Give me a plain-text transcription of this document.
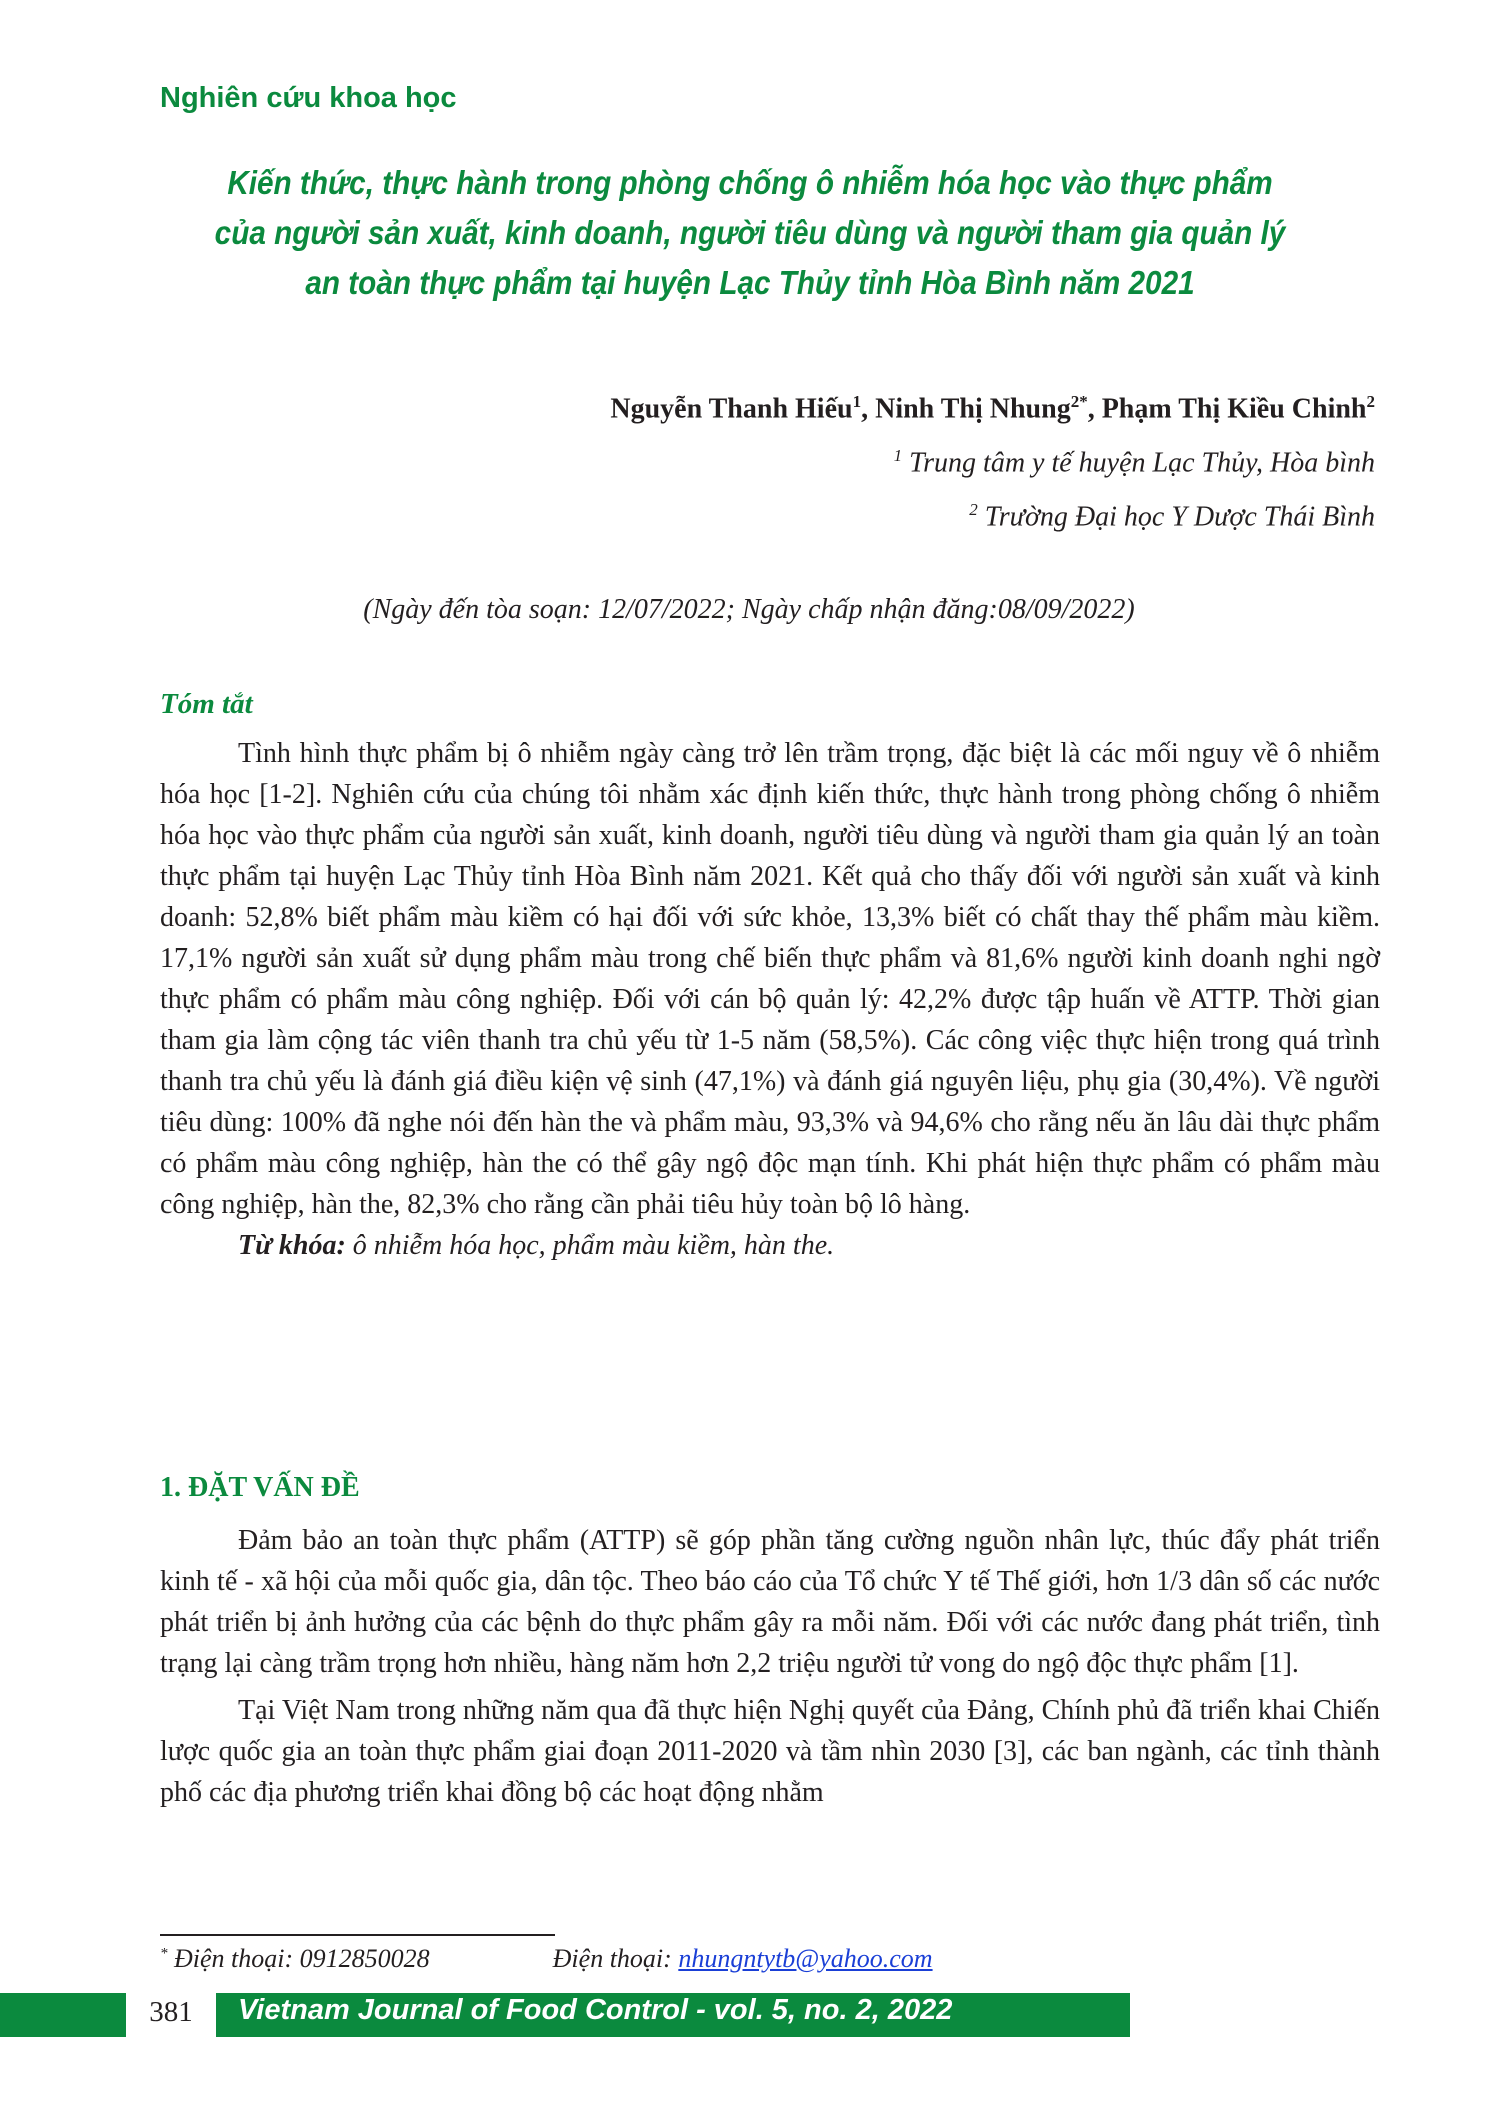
Nghiên cứu khoa học
Kiến thức, thực hành trong phòng chống ô nhiễm hóa học vào thực phẩm
của người sản xuất, kinh doanh, người tiêu dùng và người tham gia quản lý
an toàn thực phẩm tại huyện Lạc Thủy tỉnh Hòa Bình năm 2021
Nguyễn Thanh Hiếu$^1$, Ninh Thị Nhung$^{2*}$, Phạm Thị Kiều Chinh$^2$
$^1$ Trung tâm y tế huyện Lạc Thủy, Hòa bình
$^2$ Trường Đại học Y Dược Thái Bình
(Ngày đến tòa soạn: 12/07/2022; Ngày chấp nhận đăng:08/09/2022)
Tóm tắt

Tình hình thực phẩm bị ô nhiễm ngày càng trở lên trầm trọng, đặc biệt là các mối nguy về ô nhiễm hóa học [1-2]. Nghiên cứu của chúng tôi nhằm xác định kiến thức, thực hành trong phòng chống ô nhiễm hóa học vào thực phẩm của người sản xuất, kinh doanh, người tiêu dùng và người tham gia quản lý an toàn thực phẩm tại huyện Lạc Thủy tỉnh Hòa Bình năm 2021. Kết quả cho thấy đối với người sản xuất và kinh doanh: 52,8% biết phẩm màu kiềm có hại đối với sức khỏe, 13,3% biết có chất thay thế phẩm màu kiềm. 17,1% người sản xuất sử dụng phẩm màu trong chế biến thực phẩm và 81,6% người kinh doanh nghi ngờ thực phẩm có phẩm màu công nghiệp. Đối với cán bộ quản lý: 42,2% được tập huấn về ATTP. Thời gian tham gia làm cộng tác viên thanh tra chủ yếu từ 1-5 năm (58,5%). Các công việc thực hiện trong quá trình thanh tra chủ yếu là đánh giá điều kiện vệ sinh (47,1%) và đánh giá nguyên liệu, phụ gia (30,4%). Về người tiêu dùng: 100% đã nghe nói đến hàn the và phẩm màu, 93,3% và 94,6% cho rằng nếu ăn lâu dài thực phẩm có phẩm màu công nghiệp, hàn the có thể gây ngộ độc mạn tính. Khi phát hiện thực phẩm có phẩm màu công nghiệp, hàn the, 82,3% cho rằng cần phải tiêu hủy toàn bộ lô hàng.

Từ khóa: ô nhiễm hóa học, phẩm màu kiềm, hàn the.

1. ĐẶT VẤN ĐỀ

Đảm bảo an toàn thực phẩm (ATTP) sẽ góp phần tăng cường nguồn nhân lực, thúc đẩy phát triển kinh tế - xã hội của mỗi quốc gia, dân tộc. Theo báo cáo của Tổ chức Y tế Thế giới, hơn 1/3 dân số các nước phát triển bị ảnh hưởng của các bệnh do thực phẩm gây ra mỗi năm. Đối với các nước đang phát triển, tình trạng lại càng trầm trọng hơn nhiều, hàng năm hơn 2,2 triệu người tử vong do ngộ độc thực phẩm [1].

Tại Việt Nam trong những năm qua đã thực hiện Nghị quyết của Đảng, Chính phủ đã triển khai Chiến lược quốc gia an toàn thực phẩm giai đoạn 2011-2020 và tầm nhìn 2030 [3], các ban ngành, các tỉnh thành phố các địa phương triển khai đồng bộ các hoạt động nhằm

* Điện thoại: 0912850028	Điện thoại: nhungntytb@yahoo.com
381	Vietnam Journal of Food Control - vol. 5, no. 2, 2022
